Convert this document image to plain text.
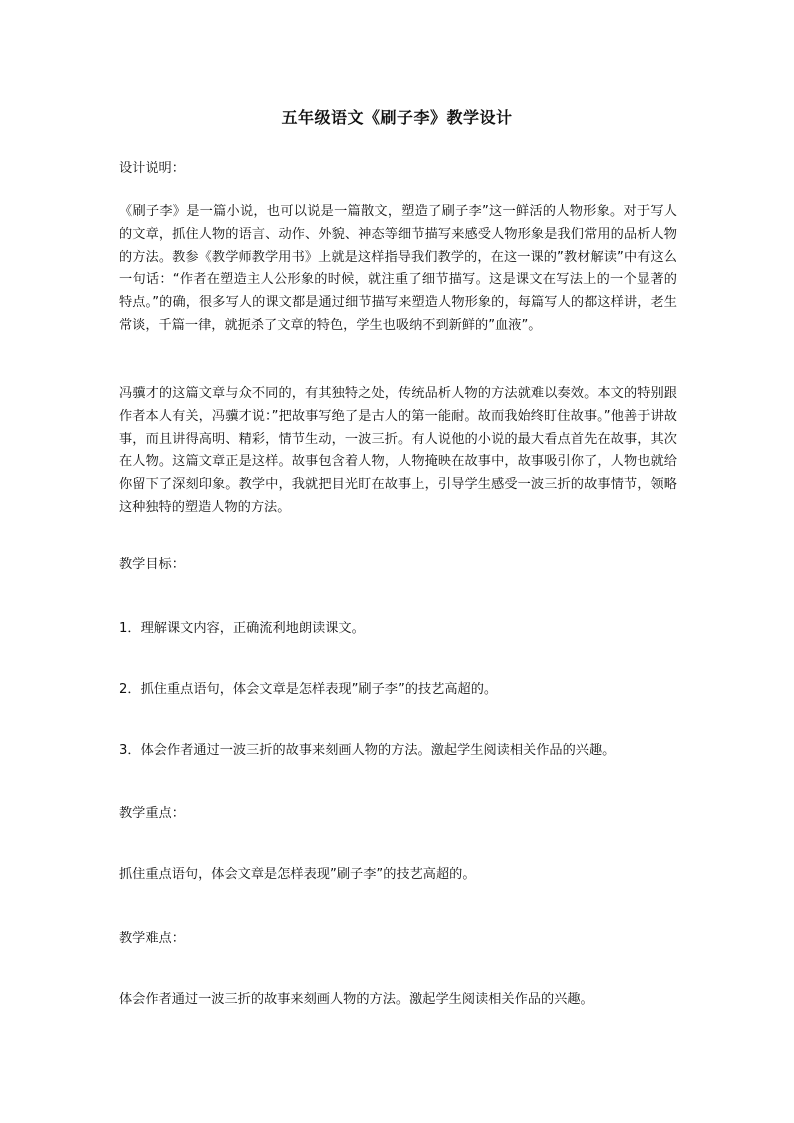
五年级语文《刷子李》教学设计
设计说明：

《刷子李》是一篇小说，也可以说是一篇散文，塑造了刷子李”这一鲜活的人物形象。对于写人的文章，抓住人物的语言、动作、外貌、神态等细节描写来感受人物形象是我们常用的品析人物的方法。教参《教学师教学用书》上就是这样指导我们教学的，在这一课的”教材解读”中有这么一句话：“作者在塑造主人公形象的时候，就注重了细节描写。这是课文在写法上的一个显著的特点。”的确，很多写人的课文都是通过细节描写来塑造人物形象的，每篇写人的都这样讲，老生常谈，千篇一律，就扼杀了文章的特色，学生也吸纳不到新鲜的”血液”。

冯骥才的这篇文章与众不同的，有其独特之处，传统品析人物的方法就难以奏效。本文的特别跟作者本人有关，冯骥才说：”把故事写绝了是古人的第一能耐。故而我始终盯住故事。”他善于讲故事，而且讲得高明、精彩，情节生动，一波三折。有人说他的小说的最大看点首先在故事，其次在人物。这篇文章正是这样。故事包含着人物，人物掩映在故事中，故事吸引你了，人物也就给你留下了深刻印象。教学中，我就把目光盯在故事上，引导学生感受一波三折的故事情节，领略这种独特的塑造人物的方法。

教学目标：
1．理解课文内容，正确流利地朗读课文。
2．抓住重点语句，体会文章是怎样表现”刷子李”的技艺高超的。
3．体会作者通过一波三折的故事来刻画人物的方法。激起学生阅读相关作品的兴趣。
教学重点：
抓住重点语句，体会文章是怎样表现”刷子李”的技艺高超的。
教学难点：
体会作者通过一波三折的故事来刻画人物的方法。激起学生阅读相关作品的兴趣。
